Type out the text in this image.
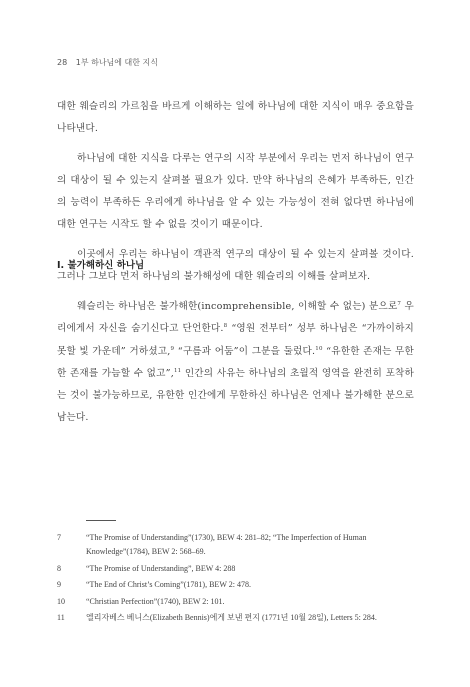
28 1부 하나님에 대한 지식

대한 웨슬리의 가르침을 바르게 이해하는 일에 하나님에 대한 지식이 매우 중요함을 나타낸다.

하나님에 대한 지식을 다루는 연구의 시작 부분에서 우리는 먼저 하나님이 연구의 대상이 될 수 있는지 살펴볼 필요가 있다. 만약 하나님의 은혜가 부족하든, 인간의 능력이 부족하든 우리에게 하나님을 알 수 있는 가능성이 전혀 없다면 하나님에 대한 연구는 시작도 할 수 없을 것이기 때문이다.

이곳에서 우리는 하나님이 객관적 연구의 대상이 될 수 있는지 살펴볼 것이다. 그러나 그보다 먼저 하나님의 불가해성에 대한 웨슬리의 이해를 살펴보자.

I. 불가해하신 하나님

웨슬리는 하나님은 불가해한(incomprehensible, 이해할 수 없는) 분으로$^7$ 우리에게서 자신을 숨기신다고 단언한다.$^8$ “영원 전부터” 성부 하나님은 “가까이하지 못할 빛 가운데” 거하셨고,$^9$ “구름과 어둠”이 그분을 둘렀다.$^{10}$ “유한한 존재는 무한한 존재를 가늠할 수 없고”,$^{11}$ 인간의 사유는 하나님의 초월적 영역을 완전히 포착하는 것이 불가능하므로, 유한한 인간에게 무한하신 하나님은 언제나 불가해한 분으로 남는다.

7	“The Promise of Understanding”(1730), BEW 4: 281–82; “The Imperfection of Human Knowledge”(1784), BEW 2: 568–69.
8	“The Promise of Understanding”, BEW 4: 288
9	“The End of Christ’s Coming”(1781), BEW 2: 478.
10	“Christian Perfection”(1740), BEW 2: 101.
11	엘리자베스 베니스(Elizabeth Bennis)에게 보낸 편지 (1771년 10월 28일), Letters 5: 284.
